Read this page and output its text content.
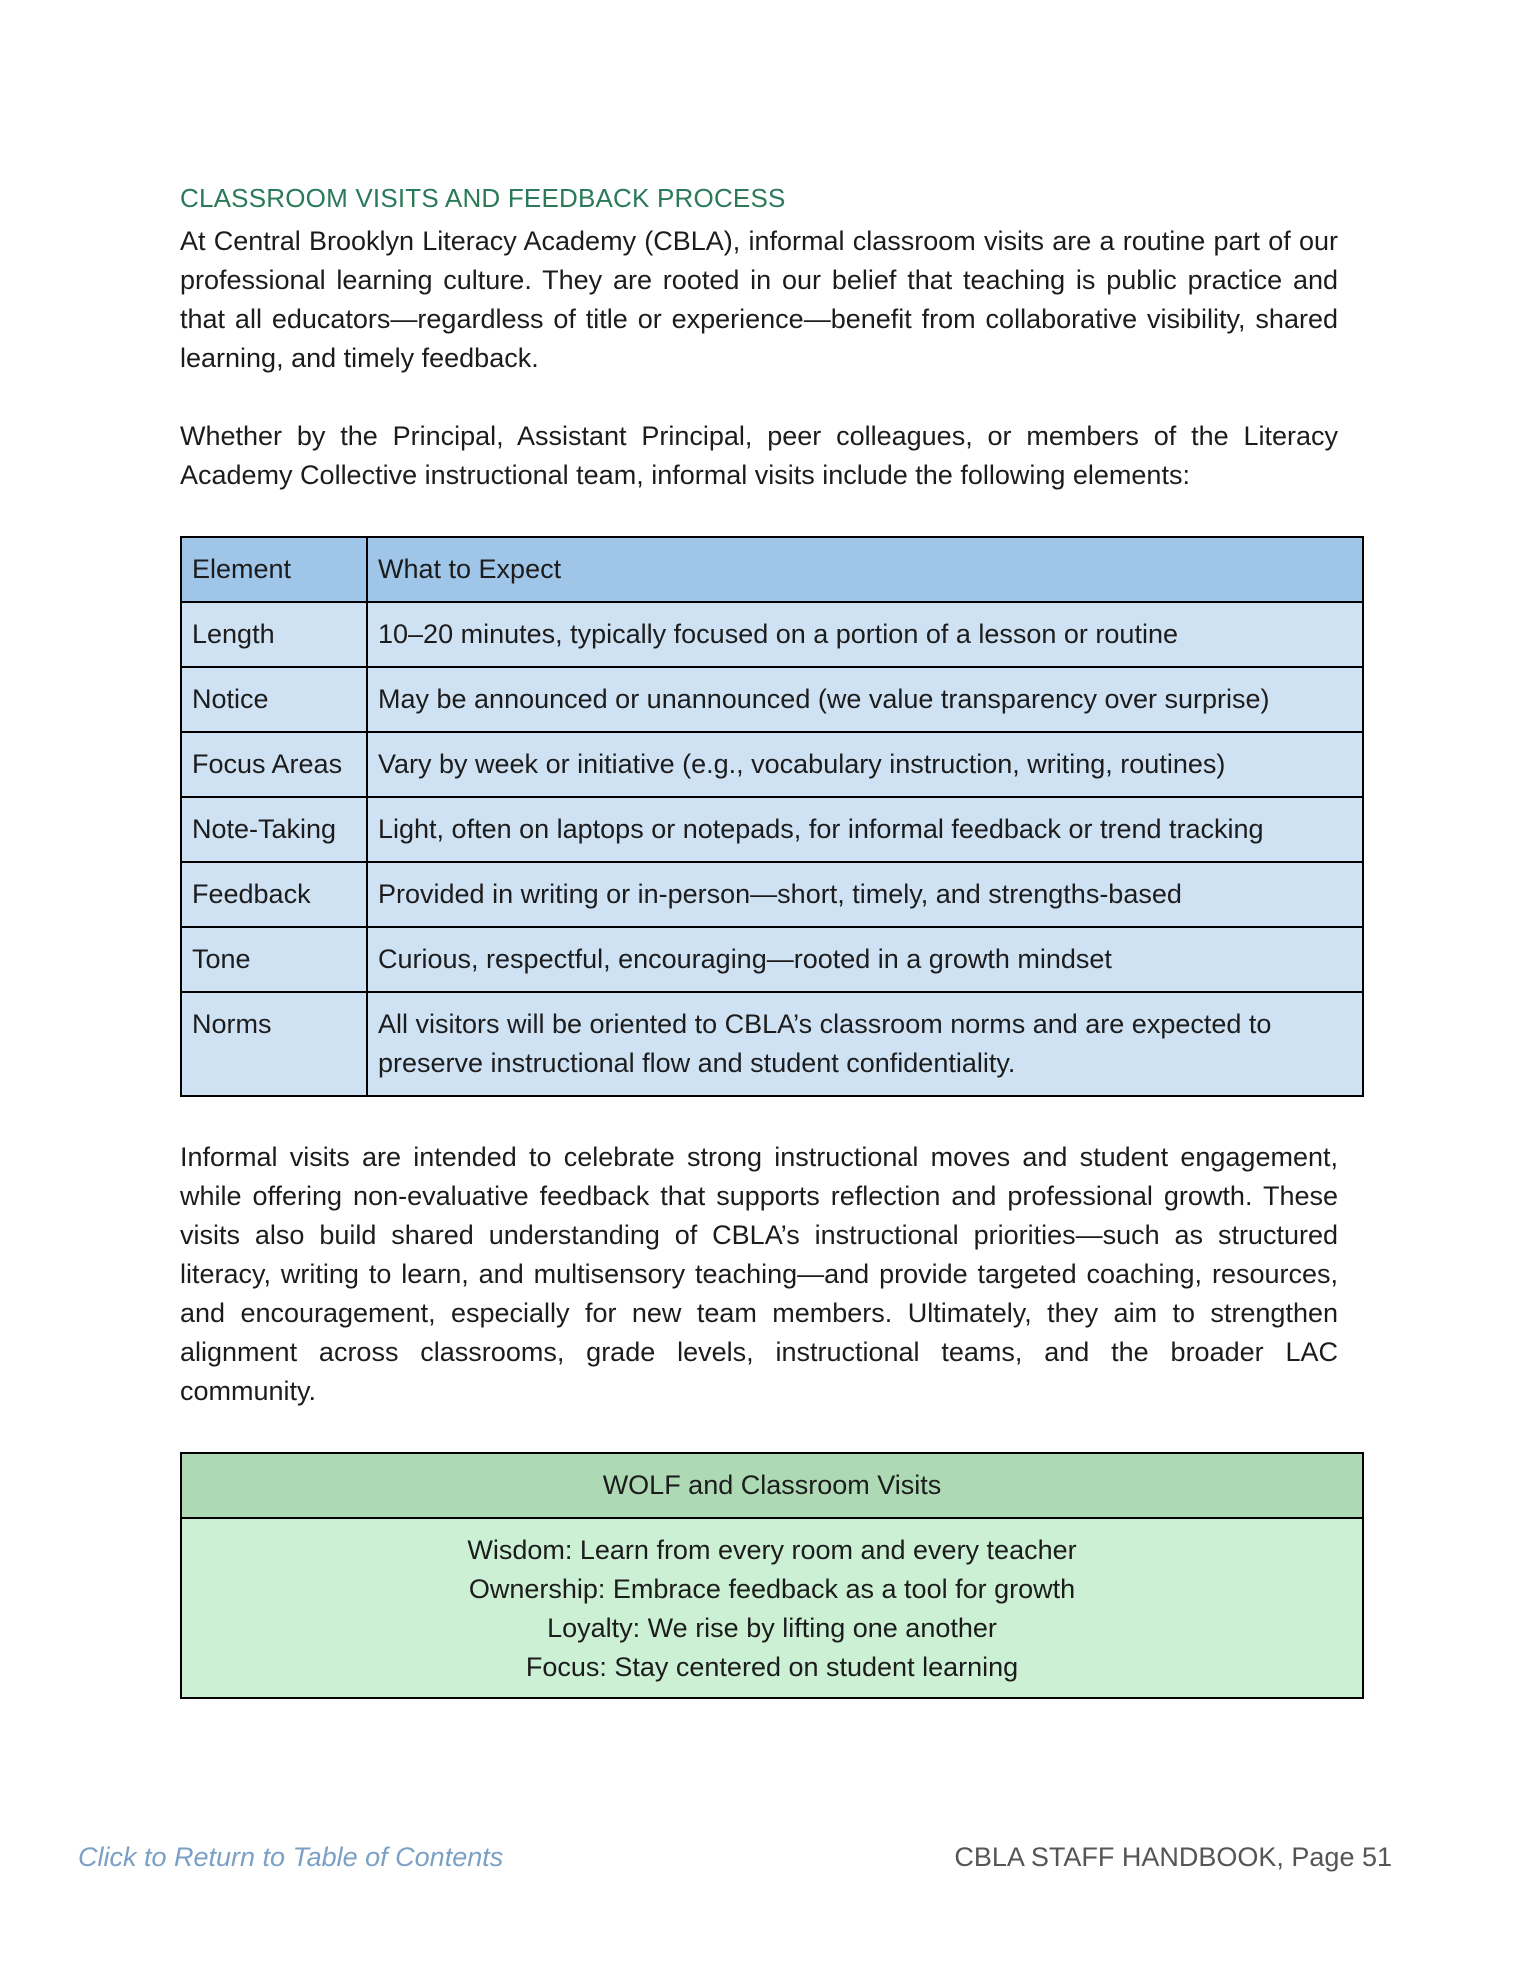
CLASSROOM VISITS AND FEEDBACK PROCESS

At Central Brooklyn Literacy Academy (CBLA), informal classroom visits are a routine part of our professional learning culture. They are rooted in our belief that teaching is public practice and that all educators—regardless of title or experience—benefit from collaborative visibility, shared learning, and timely feedback.

Whether by the Principal, Assistant Principal, peer colleagues, or members of the Literacy Academy Collective instructional team, informal visits include the following elements:

Element	What to Expect
Length	10–20 minutes, typically focused on a portion of a lesson or routine
Notice	May be announced or unannounced (we value transparency over surprise)
Focus Areas	Vary by week or initiative (e.g., vocabulary instruction, writing, routines)
Note-Taking	Light, often on laptops or notepads, for informal feedback or trend tracking
Feedback	Provided in writing or in-person—short, timely, and strengths-based
Tone	Curious, respectful, encouraging—rooted in a growth mindset
Norms	All visitors will be oriented to CBLA’s classroom norms and are expected to preserve instructional flow and student confidentiality.

Informal visits are intended to celebrate strong instructional moves and student engagement, while offering non-evaluative feedback that supports reflection and professional growth. These visits also build shared understanding of CBLA’s instructional priorities—such as structured literacy, writing to learn, and multisensory teaching—and provide targeted coaching, resources, and encouragement, especially for new team members. Ultimately, they aim to strengthen alignment across classrooms, grade levels, instructional teams, and the broader LAC community.

WOLF and Classroom Visits

Wisdom: Learn from every room and every teacher
Ownership: Embrace feedback as a tool for growth
Loyalty: We rise by lifting one another
Focus: Stay centered on student learning
Click to Return to Table of Contents	CBLA STAFF HANDBOOK, Page 51
